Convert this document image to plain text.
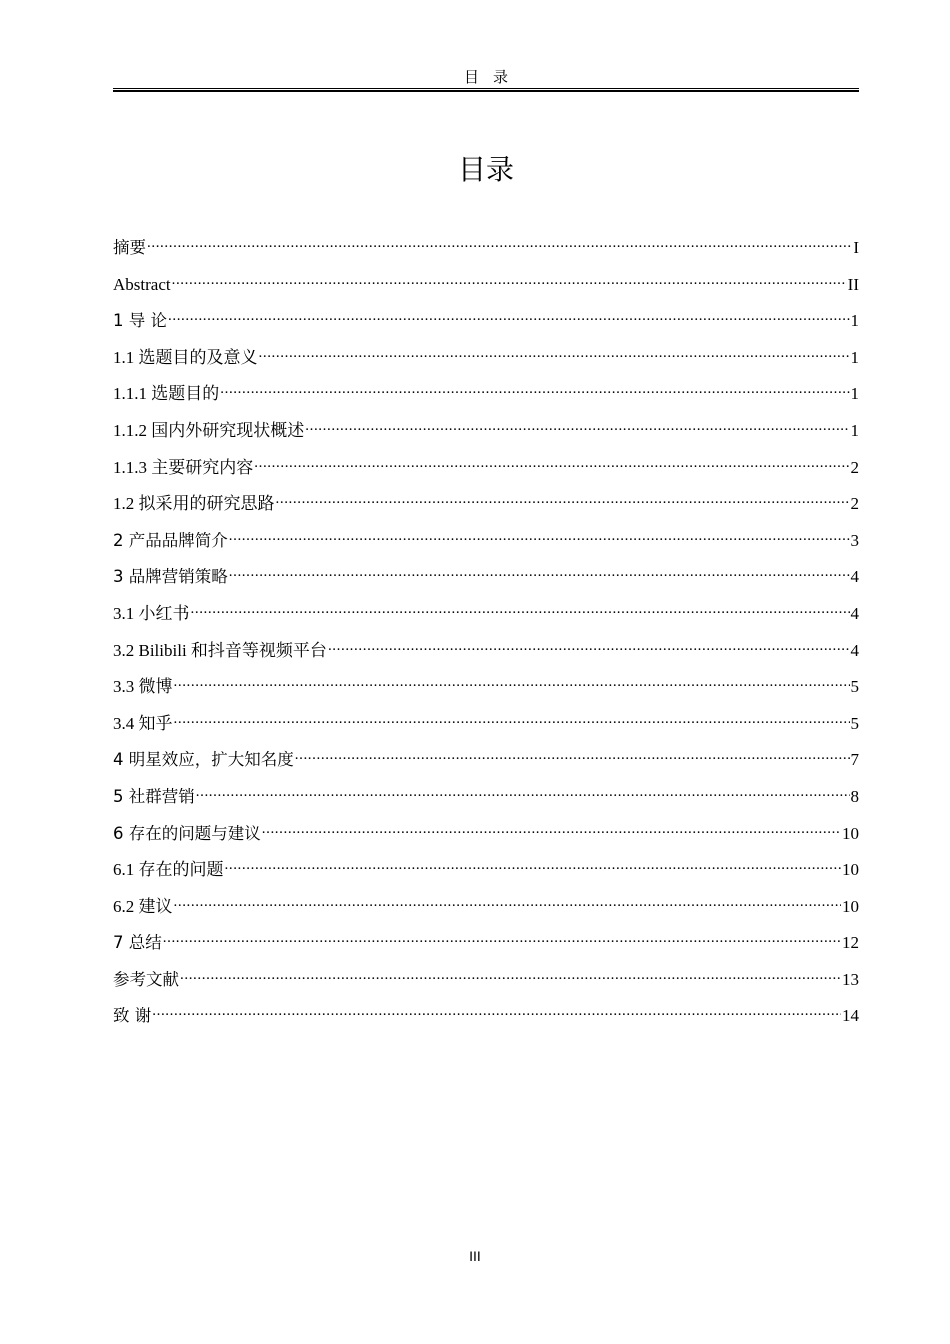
目录
目录
摘要 .....	I
Abstract .....	II
1 导 论 .....	1
1.1 选题目的及意义 .....	1
1.1.1 选题目的 .....	1
1.1.2 国内外研究现状概述 .....	1
1.1.3 主要研究内容 .....	2
1.2 拟采用的研究思路 .....	2
2 产品品牌简介 .....	3
3 品牌营销策略 .....	4
3.1 小红书 .....	4
3.2 Bilibili 和抖音等视频平台 .....	4
3.3 微博 .....	5
3.4 知乎 .....	5
4 明星效应，扩大知名度 .....	7
5 社群营销 .....	8
6 存在的问题与建议 .....	10
6.1 存在的问题 .....	10
6.2 建议 .....	10
7 总结 .....	12
参考文献 .....	13
致 谢 .....	14
III
